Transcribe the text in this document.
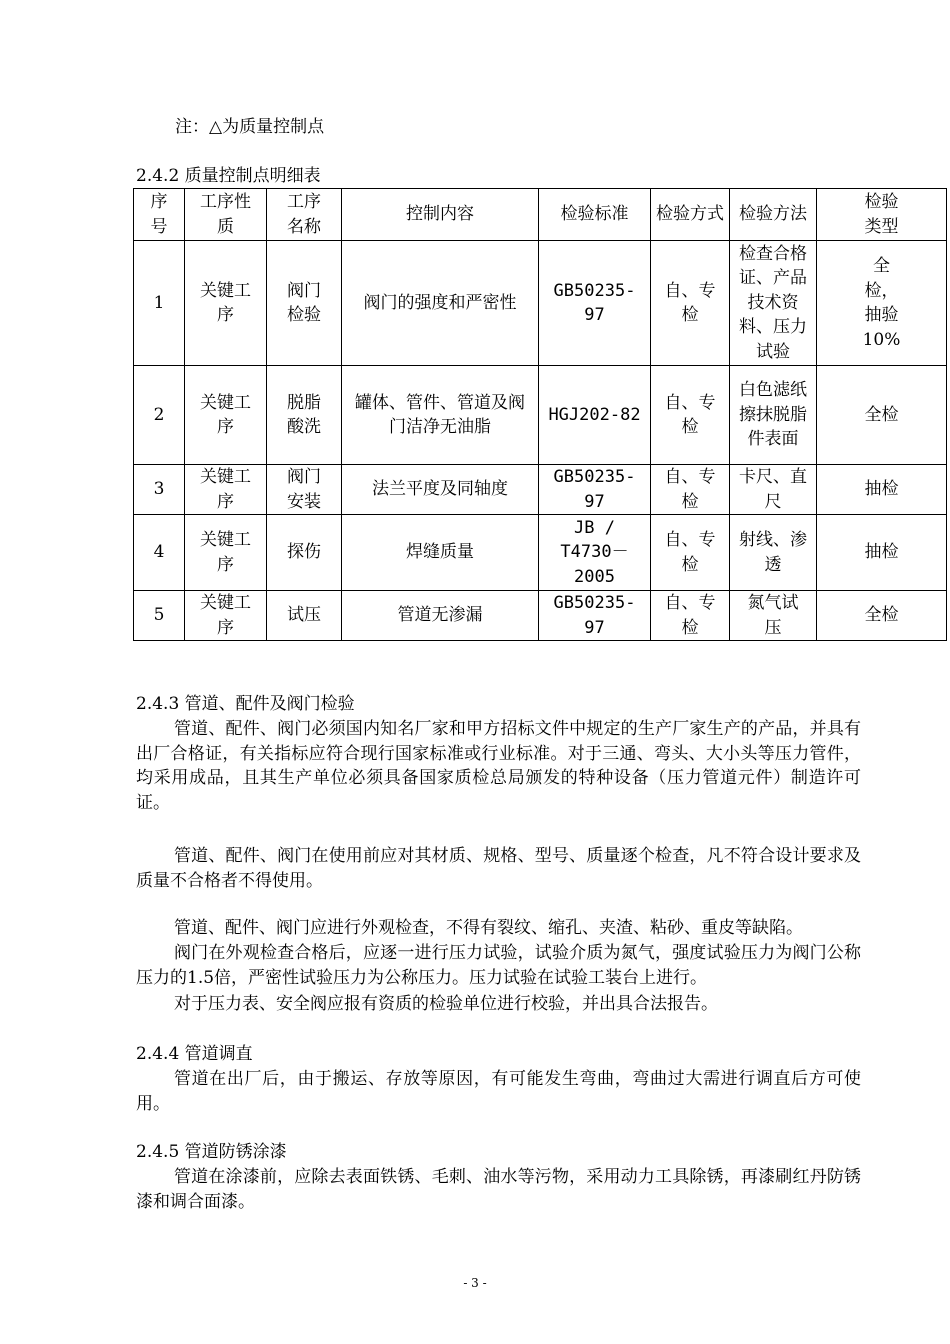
注：△为质量控制点
2.4.2 质量控制点明细表
序号	工序性质	工序名称	控制内容	检验标准	检验方式	检验方法	检验类型
1	关键工序	阀门检验	阀门的强度和严密性	GB50235-97	自、专检	检查合格证、产品技术资料、压力试验	全检，抽验10%
2	关键工序	脱脂酸洗	罐体、管件、管道及阀门洁净无油脂	HGJ202-82	自、专检	白色滤纸擦抹脱脂件表面	全检
3	关键工序	阀门安装	法兰平度及同轴度	GB50235-97	自、专检	卡尺、直尺	抽检
4	关键工序	探伤	焊缝质量	JB / T4730－2005	自、专检	射线、渗透	抽检
5	关键工序	试压	管道无渗漏	GB50235-97	自、专检	氮气试压	全检
2.4.3 管道、配件及阀门检验

管道、配件、阀门必须国内知名厂家和甲方招标文件中规定的生产厂家生产的产品，并具有出厂合格证，有关指标应符合现行国家标准或行业标准。对于三通、弯头、大小头等压力管件，均采用成品，且其生产单位必须具备国家质检总局颁发的特种设备（压力管道元件）制造许可证。

管道、配件、阀门在使用前应对其材质、规格、型号、质量逐个检查，凡不符合设计要求及质量不合格者不得使用。

管道、配件、阀门应进行外观检查，不得有裂纹、缩孔、夹渣、粘砂、重皮等缺陷。

阀门在外观检查合格后，应逐一进行压力试验，试验介质为氮气，强度试验压力为阀门公称压力的1.5倍，严密性试验压力为公称压力。压力试验在试验工装台上进行。

对于压力表、安全阀应报有资质的检验单位进行校验，并出具合法报告。

2.4.4 管道调直

管道在出厂后，由于搬运、存放等原因，有可能发生弯曲，弯曲过大需进行调直后方可使用。

2.4.5 管道防锈涂漆

管道在涂漆前，应除去表面铁锈、毛刺、油水等污物，采用动力工具除锈，再漆刷红丹防锈漆和调合面漆。

- 3 -
